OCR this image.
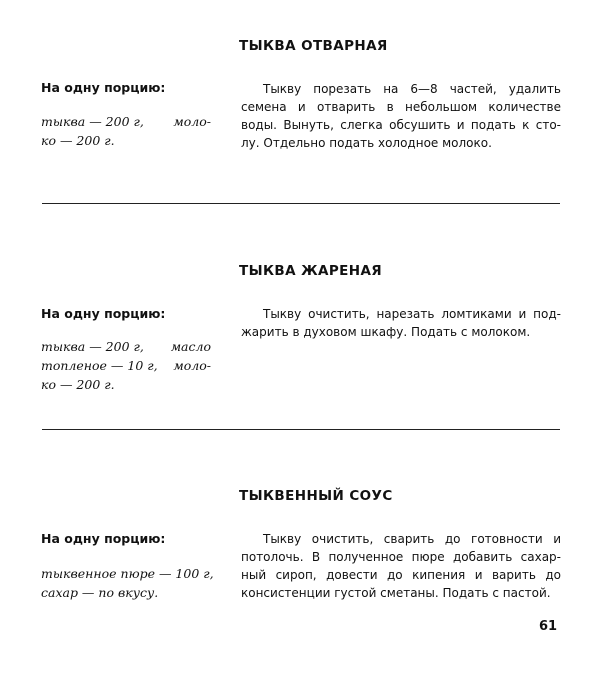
ТЫКВА ОТВАРНАЯ
На одну порцию:
тыква — 200 г, моло-
ко — 200 г.
Тыкву порезать на 6—8 частей, удалить
семена и отварить в небольшом количестве
воды. Вынуть, слегка обсушить и подать к сто-
лу. Отдельно подать холодное молоко.
ТЫКВА ЖАРЕНАЯ
На одну порцию:
тыква — 200 г, масло
топленое — 10 г, моло-
ко — 200 г.
Тыкву очистить, нарезать ломтиками и под-
жарить в духовом шкафу. Подать с молоком.
ТЫКВЕННЫЙ СОУС
На одну порцию:
тыквенное пюре — 100 г,
сахар — по вкусу.
Тыкву очистить, сварить до готовности и
потолочь. В полученное пюре добавить сахар-
ный сироп, довести до кипения и варить до
консистенции густой сметаны. Подать с пастой.
61
